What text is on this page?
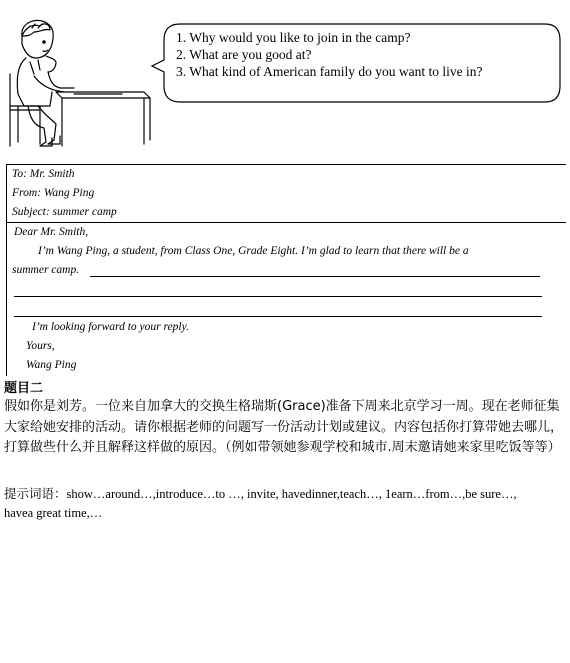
1. Why would you like to join in the camp?
2. What are you good at?
3. What kind of American family do you want to live in?
To: Mr. Smith
From: Wang Ping
Subject: summer camp
Dear Mr. Smith,
I’m Wang Ping, a student, from Class One, Grade Eight. I’m glad to learn that there will be a
summer camp.
I’m looking forward to your reply.
Yours,
Wang Ping
题目二
假如你是刘芳。一位来自加拿大的交换生格瑞斯(Grace)准备下周来北京学习一周。现在老师征集大家给她安排的活动。请你根据老师的问题写一份活动计划或建议。内容包括你打算带她去哪儿，打算做些什么并且解释这样做的原因。（例如带领她参观学校和城市.周末邀请她来家里吃饭等等）
提示词语：show…around…,introduce…to …, invite, havedinner,teach…, 1earn…from…,be sure…,
havea great time,…
